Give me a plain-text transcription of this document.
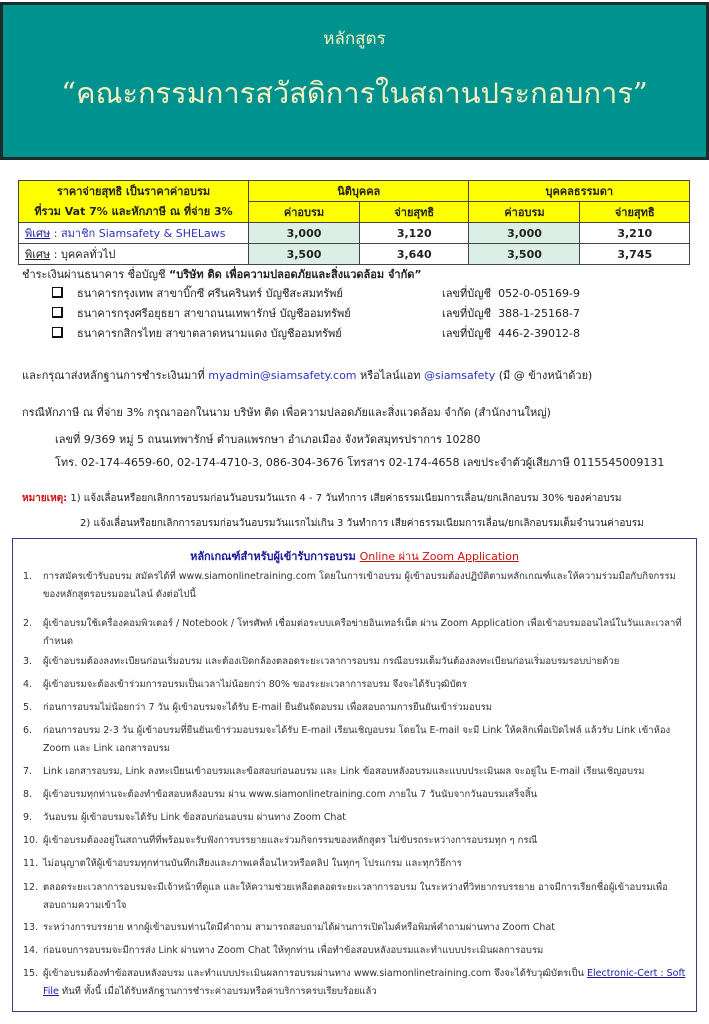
หลักสูตร
“คณะกรรมการสวัสดิการในสถานประกอบการ”
ราคาจ่ายสุทธิ เป็นราคาค่าอบรม
ที่รวม Vat 7% และหักภาษี ณ ที่จ่าย 3%	นิติบุคคล		บุคคลธรรมดา	
	ค่าอบรม	จ่ายสุทธิ	ค่าอบรม	จ่ายสุทธิ
พิเศษ : สมาชิก Siamsafety & SHELaws	3,000	3,120	3,000	3,210
พิเศษ : บุคคลทั่วไป	3,500	3,640	3,500	3,745
ชำระเงินผ่านธนาคาร ชื่อบัญชี “บริษัท ติด เพื่อความปลอดภัยและสิ่งแวดล้อม จำกัด”
ธนาคารกรุงเทพ สาขาบิ๊กซี ศรีนครินทร์ บัญชีสะสมทรัพย์	เลขที่บัญชี 052-0-05169-9
ธนาคารกรุงศรีอยุธยา สาขาถนนเทพารักษ์ บัญชีออมทรัพย์	เลขที่บัญชี 388-1-25168-7
ธนาคารกสิกรไทย สาขาตลาดหนามแดง บัญชีออมทรัพย์	เลขที่บัญชี 446-2-39012-8
และกรุณาส่งหลักฐานการชำระเงินมาที่ myadmin@siamsafety.com หรือไลน์แอท @siamsafety (มี @ ข้างหน้าด้วย)
กรณีหักภาษี ณ ที่จ่าย 3% กรุณาออกในนาม บริษัท ติด เพื่อความปลอดภัยและสิ่งแวดล้อม จำกัด (สำนักงานใหญ่)
เลขที่ 9/369 หมู่ 5 ถนนเทพารักษ์ ตำบลแพรกษา อำเภอเมือง จังหวัดสมุทรปราการ 10280
โทร. 02-174-4659-60, 02-174-4710-3, 086-304-3676 โทรสาร 02-174-4658 เลขประจำตัวผู้เสียภาษี 0115545009131
หมายเหตุ: 1) แจ้งเลื่อนหรือยกเลิกการอบรมก่อนวันอบรมวันแรก 4 - 7 วันทำการ เสียค่าธรรมเนียมการเลื่อน/ยกเลิกอบรม 30% ของค่าอบรม
2) แจ้งเลื่อนหรือยกเลิกการอบรมก่อนวันอบรมวันแรกไม่เกิน 3 วันทำการ เสียค่าธรรมเนียมการเลื่อน/ยกเลิกอบรมเต็มจำนวนค่าอบรม
หลักเกณฑ์สำหรับผู้เข้ารับการอบรม Online ผ่าน Zoom Application
1.	การสมัครเข้ารับอบรม สมัครได้ที่ www.siamonlinetraining.com โดยในการเข้าอบรม ผู้เข้าอบรมต้องปฏิบัติตามหลักเกณฑ์และให้ความร่วมมือกับกิจกรรมของหลักสูตรอบรมออนไลน์ ดังต่อไปนี้
2.	ผู้เข้าอบรมใช้เครื่องคอมพิวเตอร์ / Notebook / โทรศัพท์ เชื่อมต่อระบบเครือข่ายอินเทอร์เน็ต ผ่าน Zoom Application เพื่อเข้าอบรมออนไลน์ในวันและเวลาที่กำหนด
3.	ผู้เข้าอบรมต้องลงทะเบียนก่อนเริ่มอบรม และต้องเปิดกล้องตลอดระยะเวลาการอบรม กรณีอบรมเต็มวันต้องลงทะเบียนก่อนเริ่มอบรมรอบบ่ายด้วย
4.	ผู้เข้าอบรมจะต้องเข้าร่วมการอบรมเป็นเวลาไม่น้อยกว่า 80% ของระยะเวลาการอบรม จึงจะได้รับวุฒิบัตร
5.	ก่อนการอบรมไม่น้อยกว่า 7 วัน ผู้เข้าอบรมจะได้รับ E-mail ยืนยันจัดอบรม เพื่อสอบถามการยืนยันเข้าร่วมอบรม
6.	ก่อนการอบรม 2-3 วัน ผู้เข้าอบรมที่ยืนยันเข้าร่วมอบรมจะได้รับ E-mail เรียนเชิญอบรม โดยใน E-mail จะมี Link ให้คลิกเพื่อเปิดไฟล์ แล้วรับ Link เข้าห้อง Zoom และ Link เอกสารอบรม
7.	Link เอกสารอบรม, Link ลงทะเบียนเข้าอบรมและข้อสอบก่อนอบรม และ Link ข้อสอบหลังอบรมและแบบประเมินผล จะอยู่ใน E-mail เรียนเชิญอบรม
8.	ผู้เข้าอบรมทุกท่านจะต้องทำข้อสอบหลังอบรม ผ่าน www.siamonlinetraining.com ภายใน 7 วันนับจากวันอบรมเสร็จสิ้น
9.	วันอบรม ผู้เข้าอบรมจะได้รับ Link ข้อสอบก่อนอบรม ผ่านทาง Zoom Chat
10. ผู้เข้าอบรมต้องอยู่ในสถานที่ที่พร้อมจะรับฟังการบรรยายและร่วมกิจกรรมของหลักสูตร ไม่ขับรถระหว่างการอบรมทุก ๆ กรณี
11. ไม่อนุญาตให้ผู้เข้าอบรมทุกท่านบันทึกเสียงและภาพเคลื่อนไหวหรือคลิป ในทุกๆ โปรแกรม และทุกวิธีการ
12. ตลอดระยะเวลาการอบรมจะมีเจ้าหน้าที่ดูแล และให้ความช่วยเหลือตลอดระยะเวลาการอบรม ในระหว่างที่วิทยากรบรรยาย อาจมีการเรียกชื่อผู้เข้าอบรมเพื่อสอบถามความเข้าใจ
13. ระหว่างการบรรยาย หากผู้เข้าอบรมท่านใดมีคำถาม สามารถสอบถามได้ผ่านการเปิดไมค์หรือพิมพ์คำถามผ่านทาง Zoom Chat
14. ก่อนจบการอบรมจะมีการส่ง Link ผ่านทาง Zoom Chat ให้ทุกท่าน เพื่อทำข้อสอบหลังอบรมและทำแบบประเมินผลการอบรม
15. ผู้เข้าอบรมต้องทำข้อสอบหลังอบรม และทำแบบประเมินผลการอบรมผ่านทาง www.siamonlinetraining.com จึงจะได้รับวุฒิบัตรเป็น Electronic-Cert : Soft File ทันที ทั้งนี้ เมื่อได้รับหลักฐานการชำระค่าอบรมหรือค่าบริการครบเรียบร้อยแล้ว
